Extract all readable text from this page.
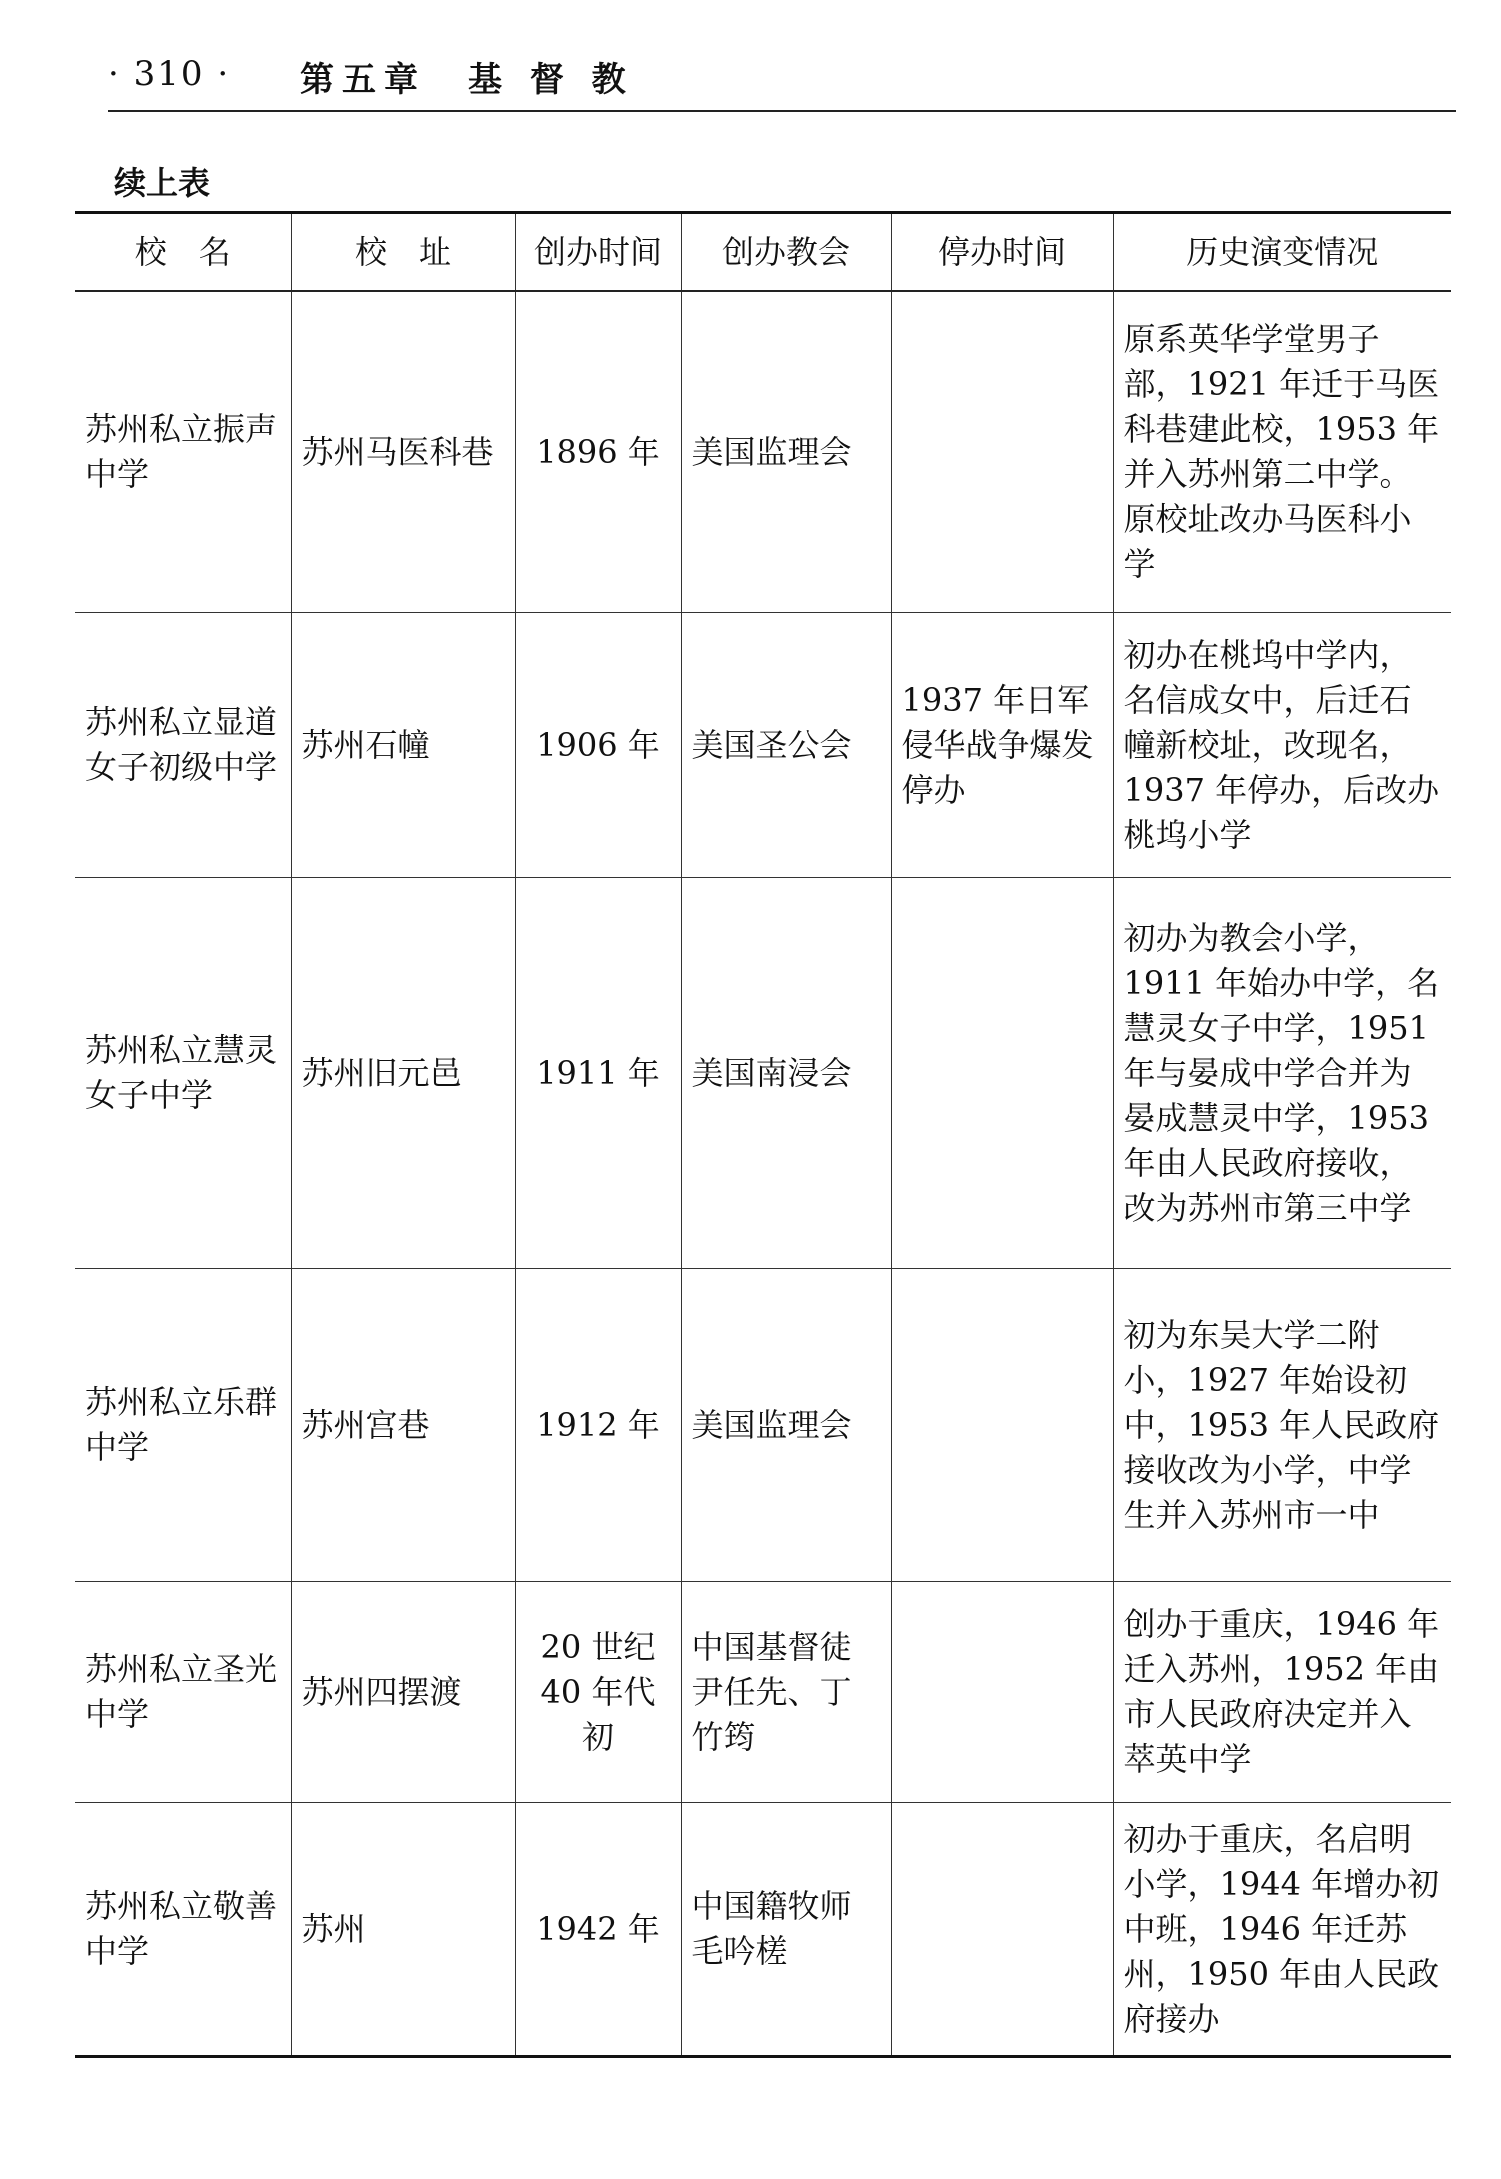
· 310 · 第五章　基 督 教
续上表
校　名	校　址	创办时间	创办教会	停办时间	历史演变情况
苏州私立振声中学	苏州马医科巷	1896 年	美国监理会		原系英华学堂男子部，1921 年迁于马医科巷建此校，1953 年并入苏州第二中学。原校址改办马医科小学
苏州私立显道女子初级中学	苏州石幢	1906 年	美国圣公会	1937 年日军侵华战争爆发停办	初办在桃坞中学内，名信成女中，后迁石幢新校址，改现名，1937 年停办，后改办桃坞小学
苏州私立慧灵女子中学	苏州旧元邑	1911 年	美国南浸会		初办为教会小学，1911 年始办中学，名慧灵女子中学，1951 年与晏成中学合并为晏成慧灵中学，1953 年由人民政府接收，改为苏州市第三中学
苏州私立乐群中学	苏州宫巷	1912 年	美国监理会		初为东吴大学二附小，1927 年始设初中，1953 年人民政府接收改为小学，中学生并入苏州市一中
苏州私立圣光中学	苏州四摆渡	20 世纪 40 年代初	中国基督徒尹任先、丁竹筠		创办于重庆，1946 年迁入苏州，1952 年由市人民政府决定并入萃英中学
苏州私立敬善中学	苏州	1942 年	中国籍牧师毛吟槎		初办于重庆，名启明小学，1944 年增办初中班，1946 年迁苏州，1950 年由人民政府接办
